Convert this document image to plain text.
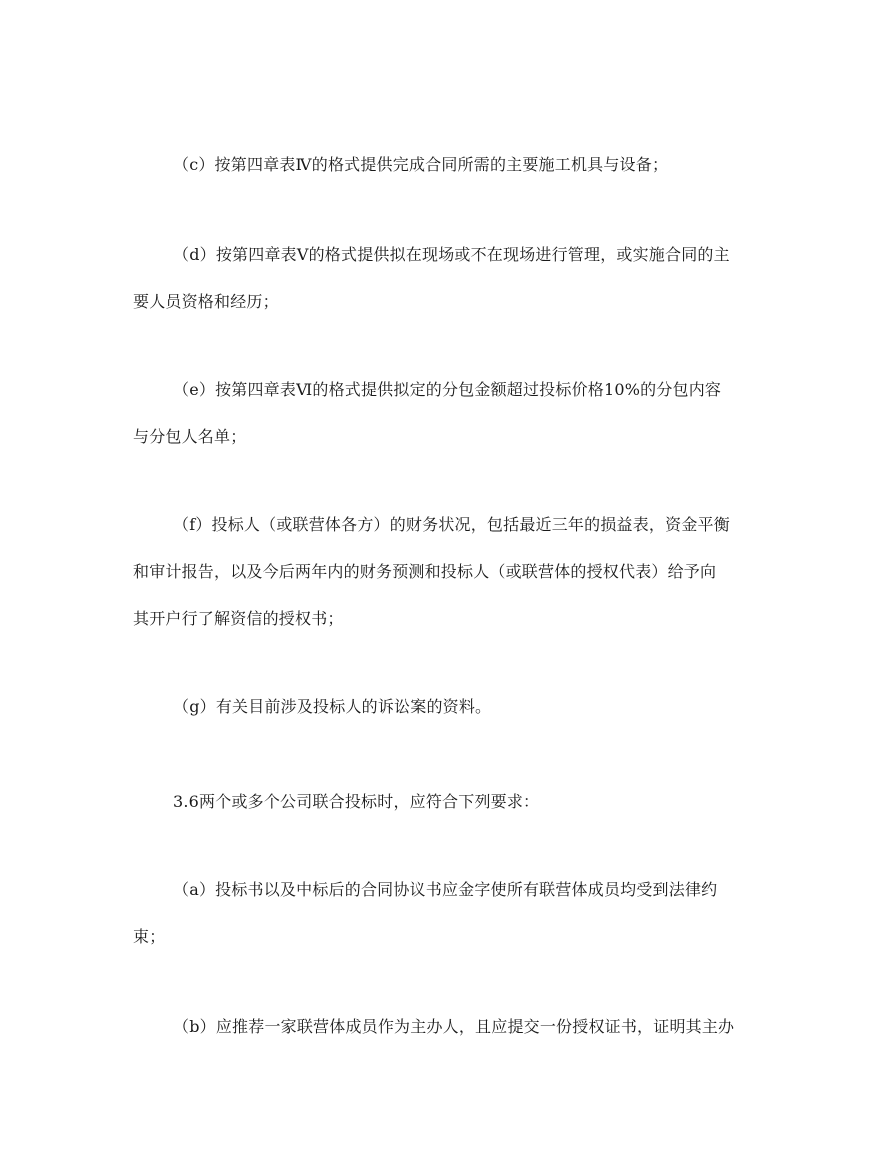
（c）按第四章表Ⅳ的格式提供完成合同所需的主要施工机具与设备；
（d）按第四章表Ⅴ的格式提供拟在现场或不在现场进行管理，或实施合同的主
要人员资格和经历；
（e）按第四章表Ⅵ的格式提供拟定的分包金额超过投标价格10%的分包内容
与分包人名单；
（f）投标人（或联营体各方）的财务状况，包括最近三年的损益表，资金平衡
和审计报告，以及今后两年内的财务预测和投标人（或联营体的授权代表）给予向
其开户行了解资信的授权书；
（g）有关目前涉及投标人的诉讼案的资料。
3.6两个或多个公司联合投标时，应符合下列要求：
（a）投标书以及中标后的合同协议书应金字使所有联营体成员均受到法律约
束；
（b）应推荐一家联营体成员作为主办人，且应提交一份授权证书，证明其主办
